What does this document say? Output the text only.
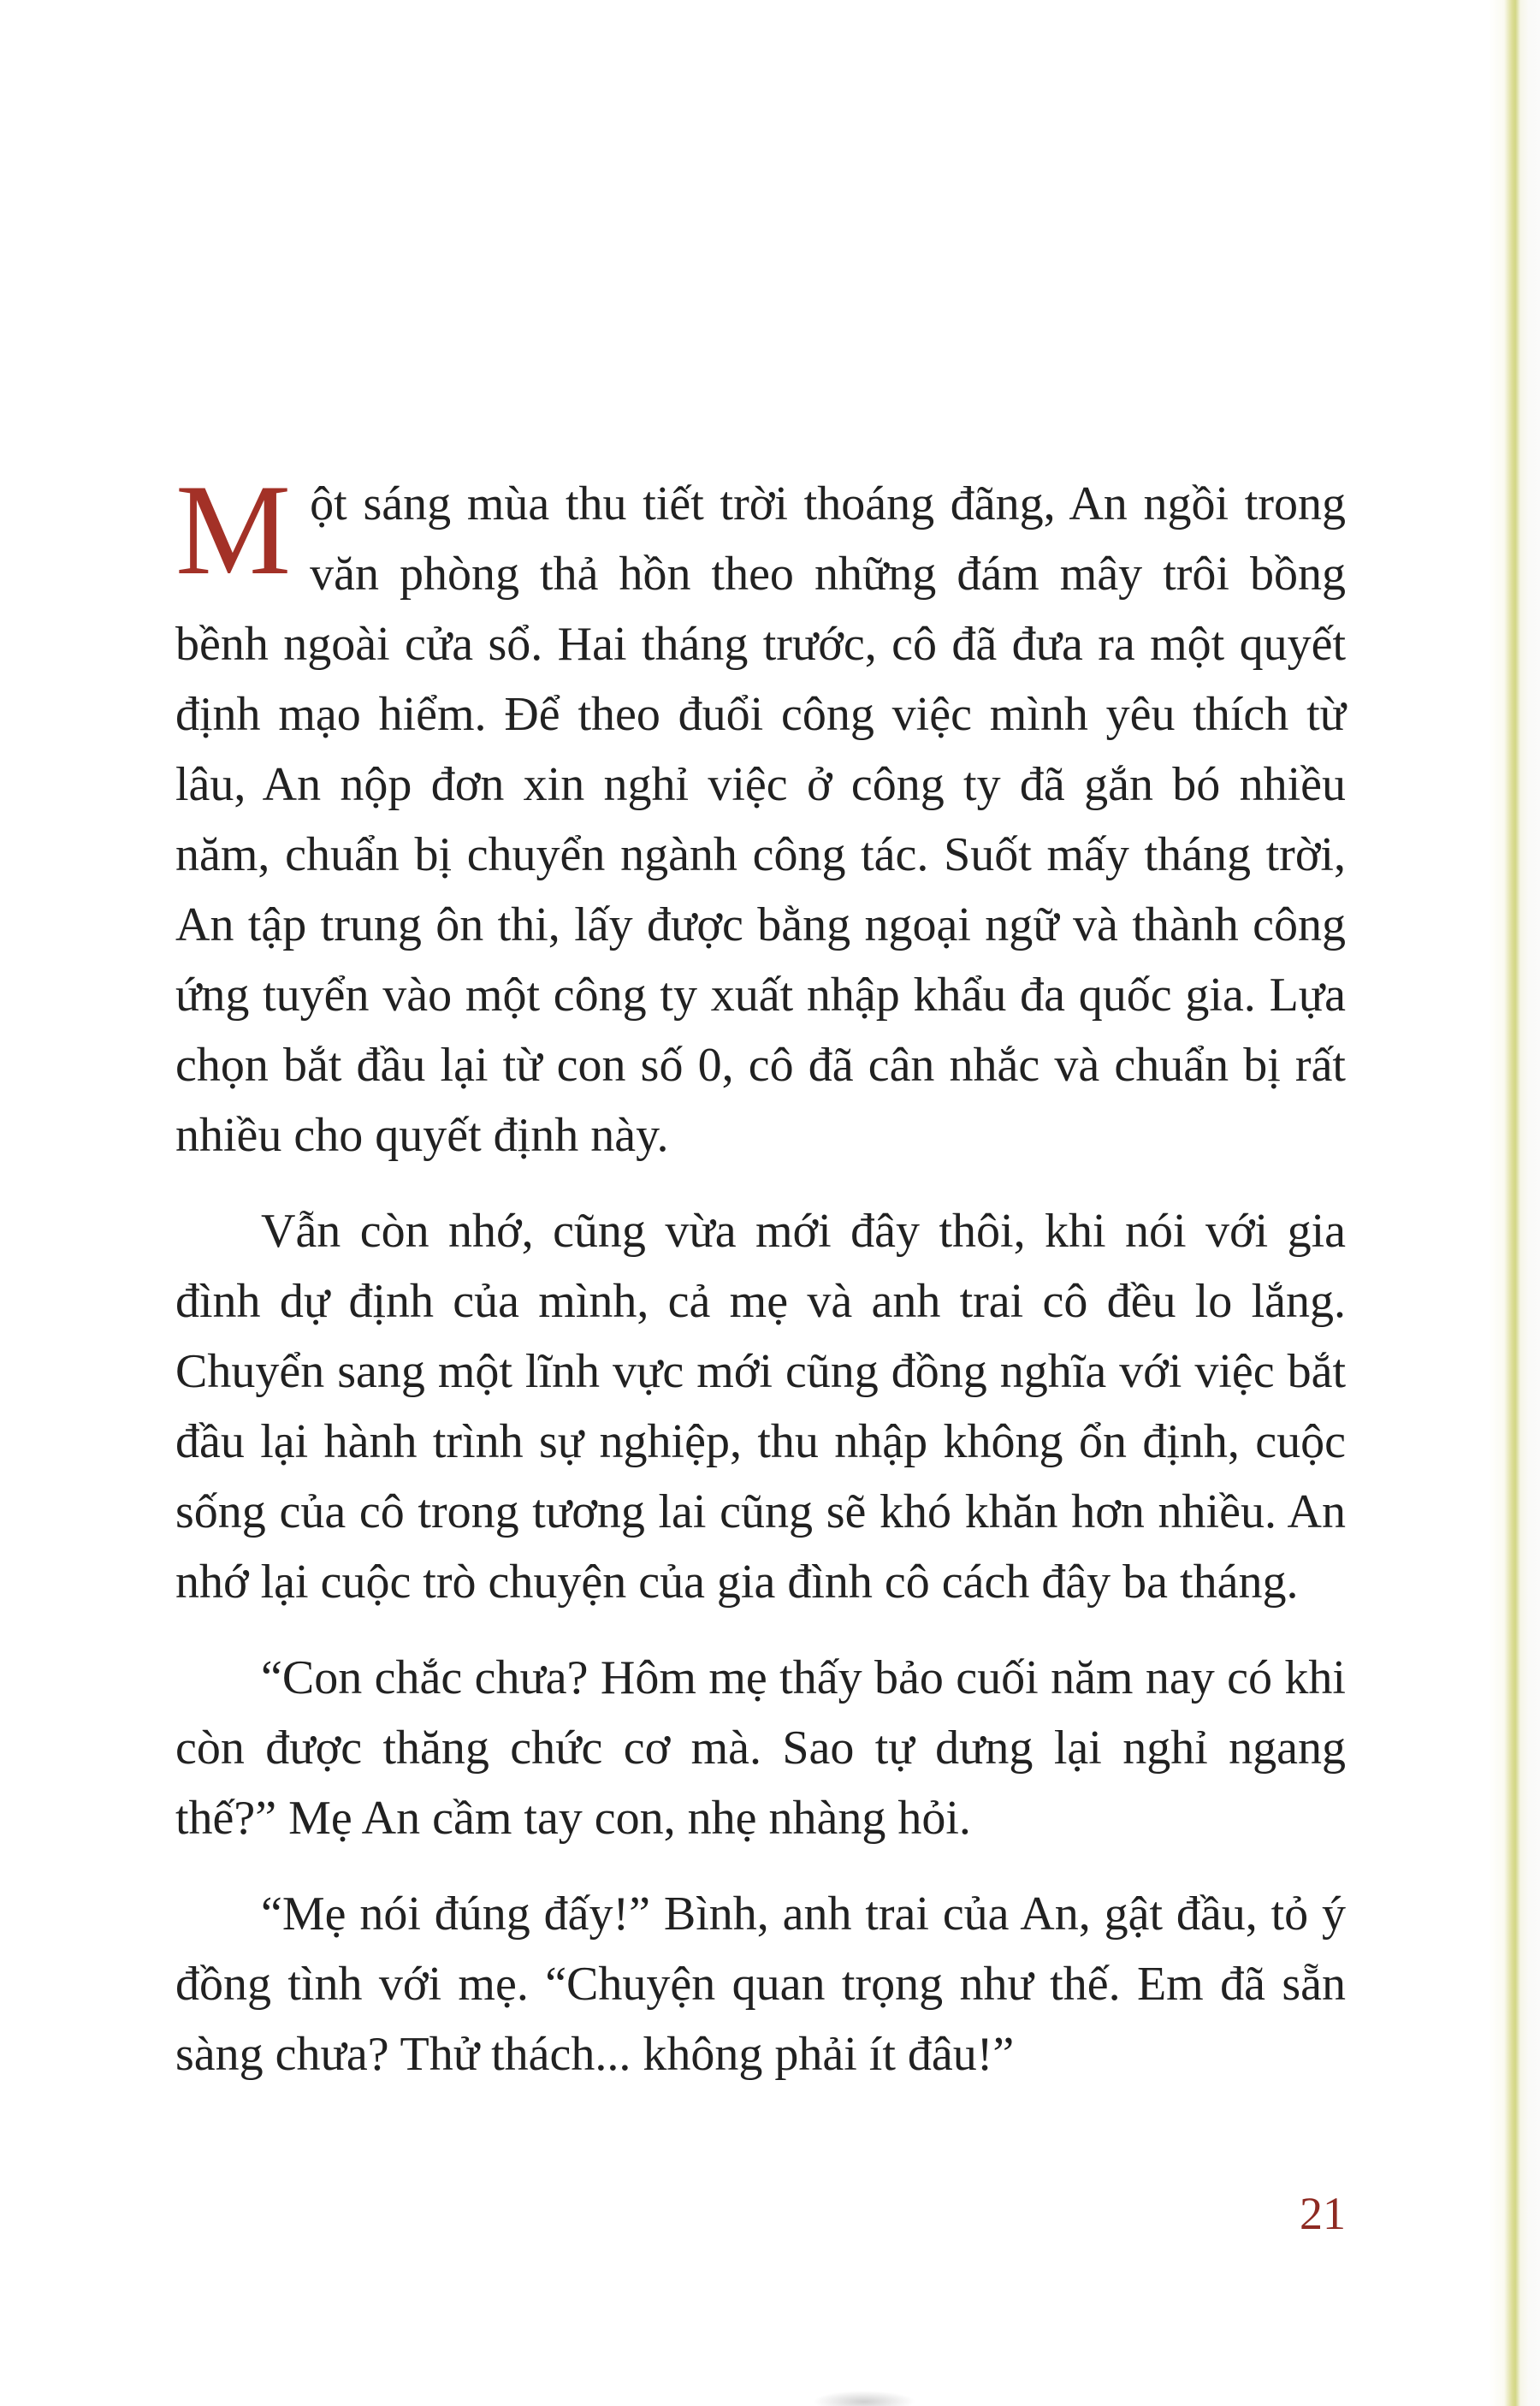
Một sáng mùa thu tiết trời thoáng đãng, An ngồi trong văn phòng thả hồn theo những đám mây trôi bồng bềnh ngoài cửa sổ. Hai tháng trước, cô đã đưa ra một quyết định mạo hiểm. Để theo đuổi công việc mình yêu thích từ lâu, An nộp đơn xin nghỉ việc ở công ty đã gắn bó nhiều năm, chuẩn bị chuyển ngành công tác. Suốt mấy tháng trời, An tập trung ôn thi, lấy được bằng ngoại ngữ và thành công ứng tuyển vào một công ty xuất nhập khẩu đa quốc gia. Lựa chọn bắt đầu lại từ con số 0, cô đã cân nhắc và chuẩn bị rất nhiều cho quyết định này.

Vẫn còn nhớ, cũng vừa mới đây thôi, khi nói với gia đình dự định của mình, cả mẹ và anh trai cô đều lo lắng. Chuyển sang một lĩnh vực mới cũng đồng nghĩa với việc bắt đầu lại hành trình sự nghiệp, thu nhập không ổn định, cuộc sống của cô trong tương lai cũng sẽ khó khăn hơn nhiều. An nhớ lại cuộc trò chuyện của gia đình cô cách đây ba tháng.

“Con chắc chưa? Hôm mẹ thấy bảo cuối năm nay có khi còn được thăng chức cơ mà. Sao tự dưng lại nghỉ ngang thế?” Mẹ An cầm tay con, nhẹ nhàng hỏi.

“Mẹ nói đúng đấy!” Bình, anh trai của An, gật đầu, tỏ ý đồng tình với mẹ. “Chuyện quan trọng như thế. Em đã sẵn sàng chưa? Thử thách... không phải ít đâu!”

21
